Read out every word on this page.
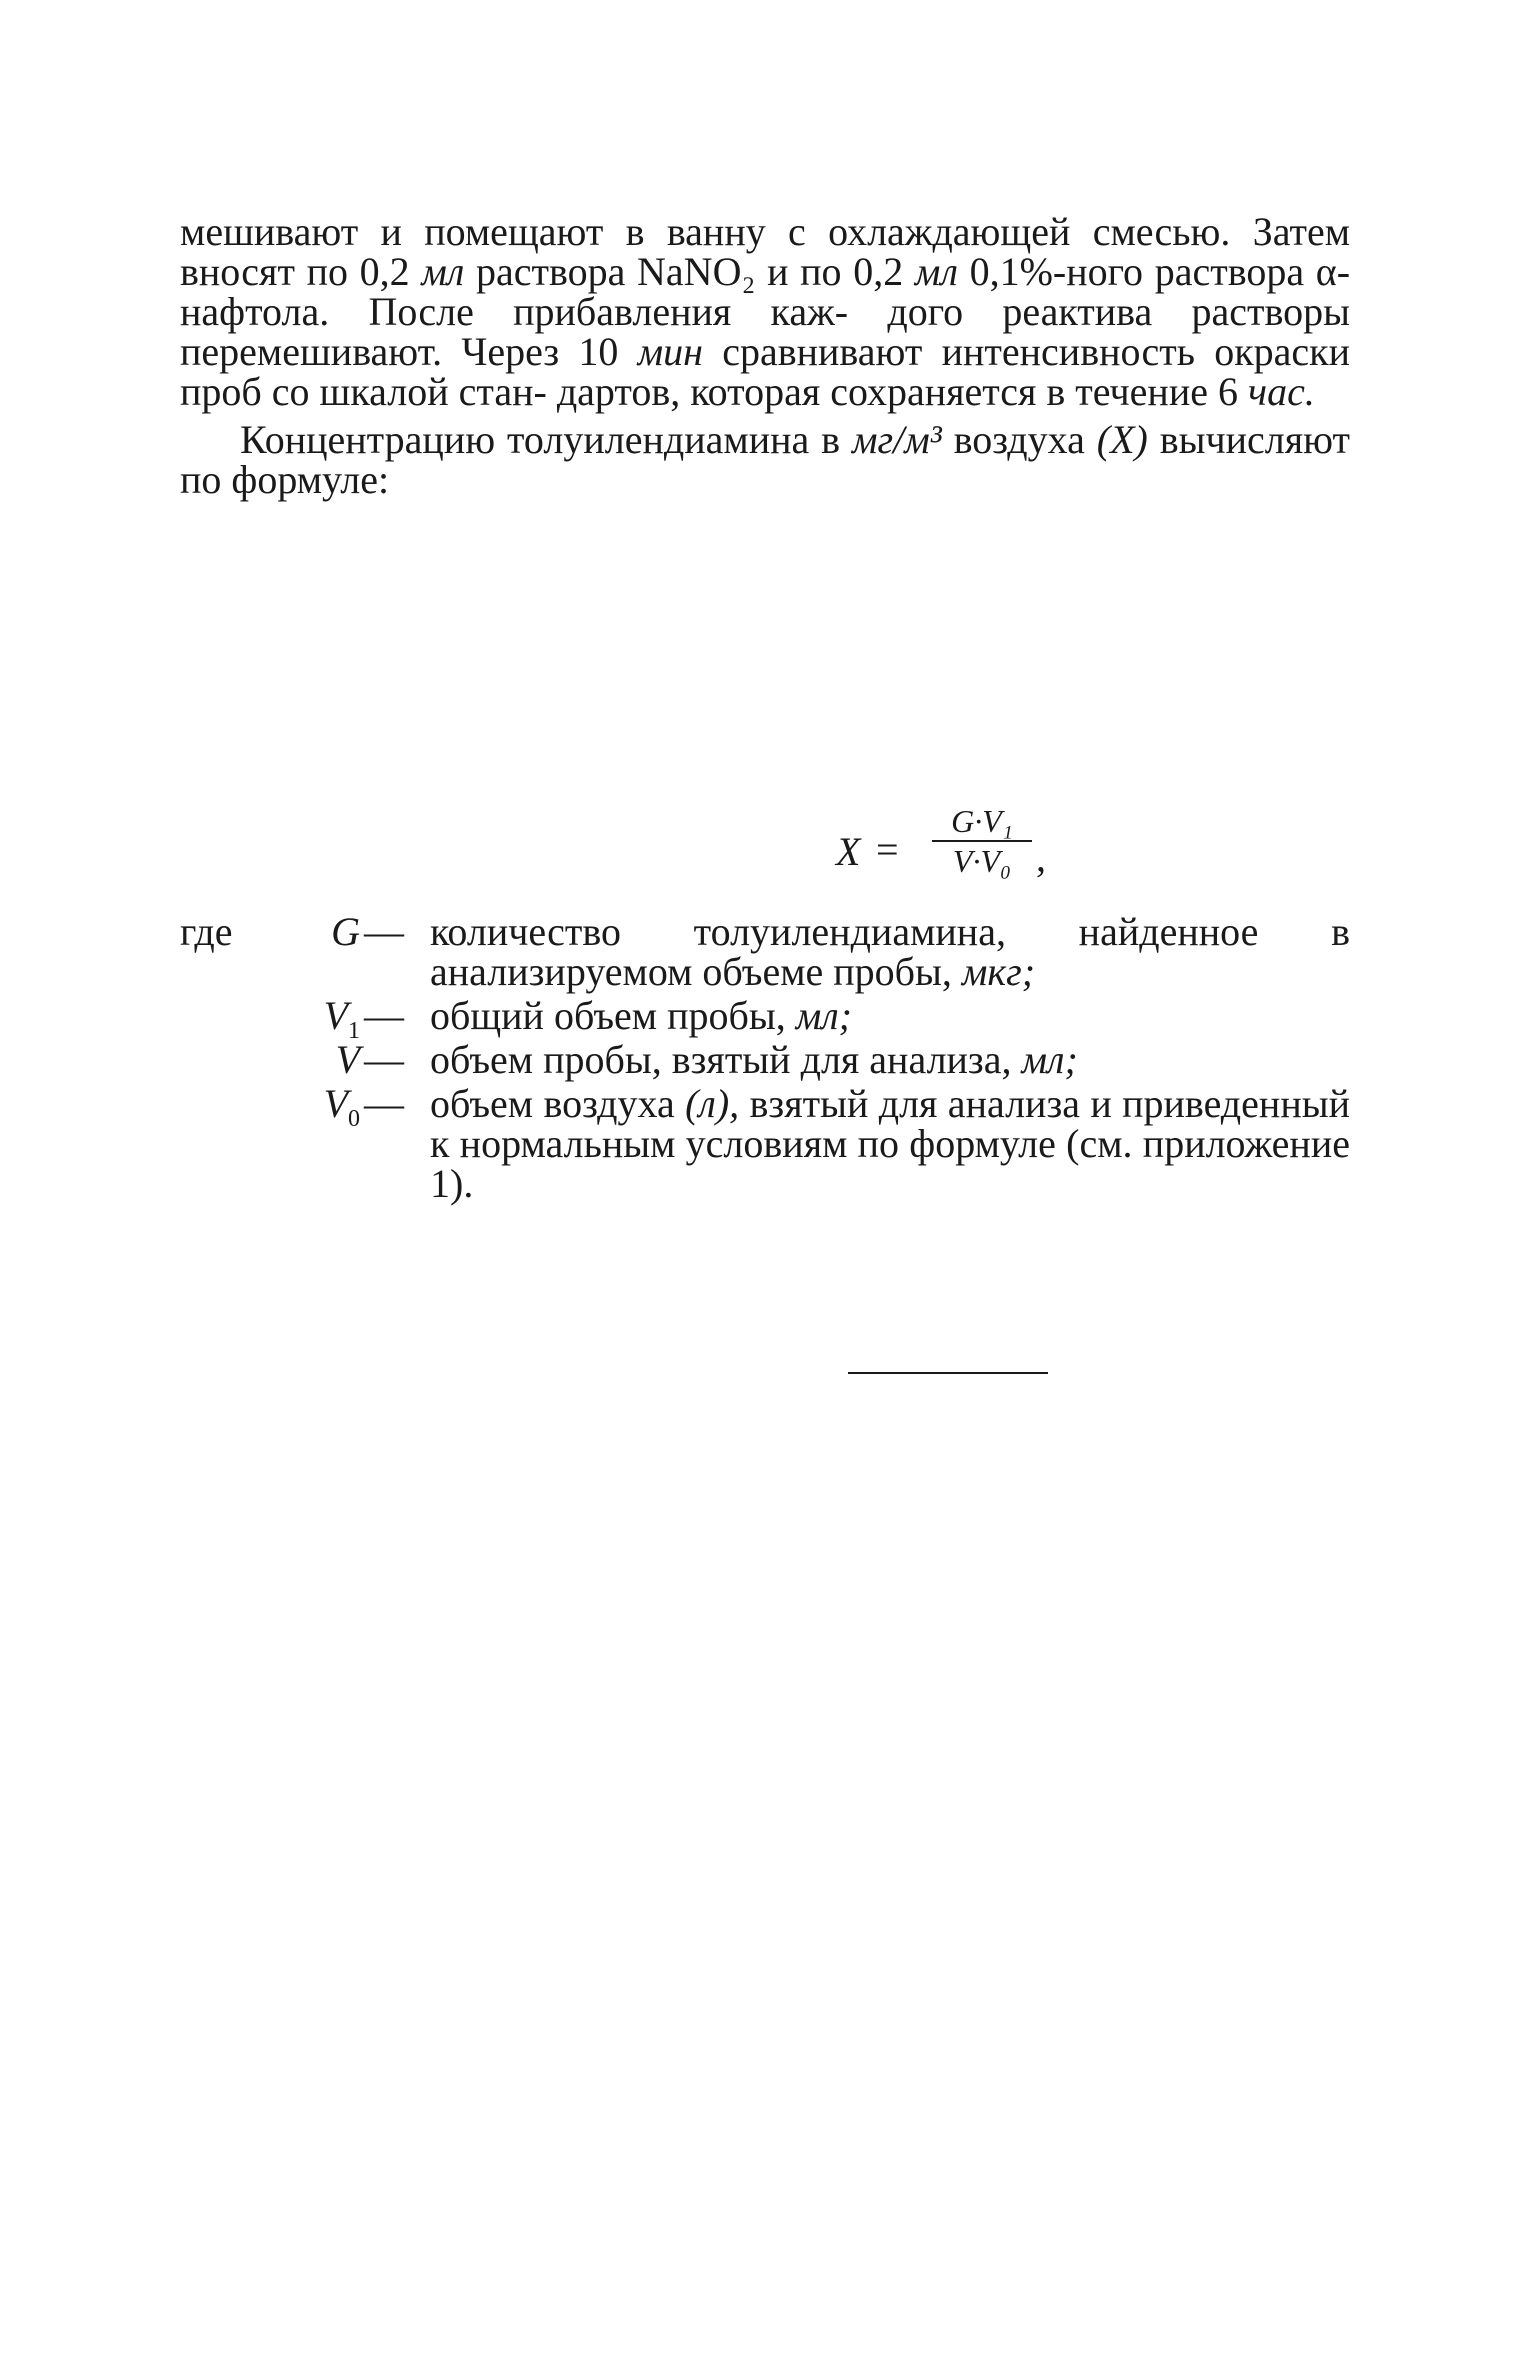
мешивают и помещают в ванну с охлаждающей смесью. Затем вносят по 0,2 мл раствора NaNO₂ и по 0,2 мл 0,1%-ного раствора α-нафтола. После прибавления каж- дого реактива растворы перемешивают. Через 10 мин сравнивают интенсивность окраски проб со шкалой стан- дартов, которая сохраняется в течение 6 час.

Концентрацию толуилендиамина в мг/м³ воздуха (X) вычисляют по формуле:

X =
G·V₁
V·V₀ ,
где	G — количество толуилендиамина, найденное в анализируемом объеме пробы, мкг;
$V_1$ — общий объем пробы, мл;
V — объем пробы, взятый для анализа, мл;
$V_0$ — объем воздуха (л), взятый для анализа и приведенный к нормальным условиям по формуле (см. приложение 1).
